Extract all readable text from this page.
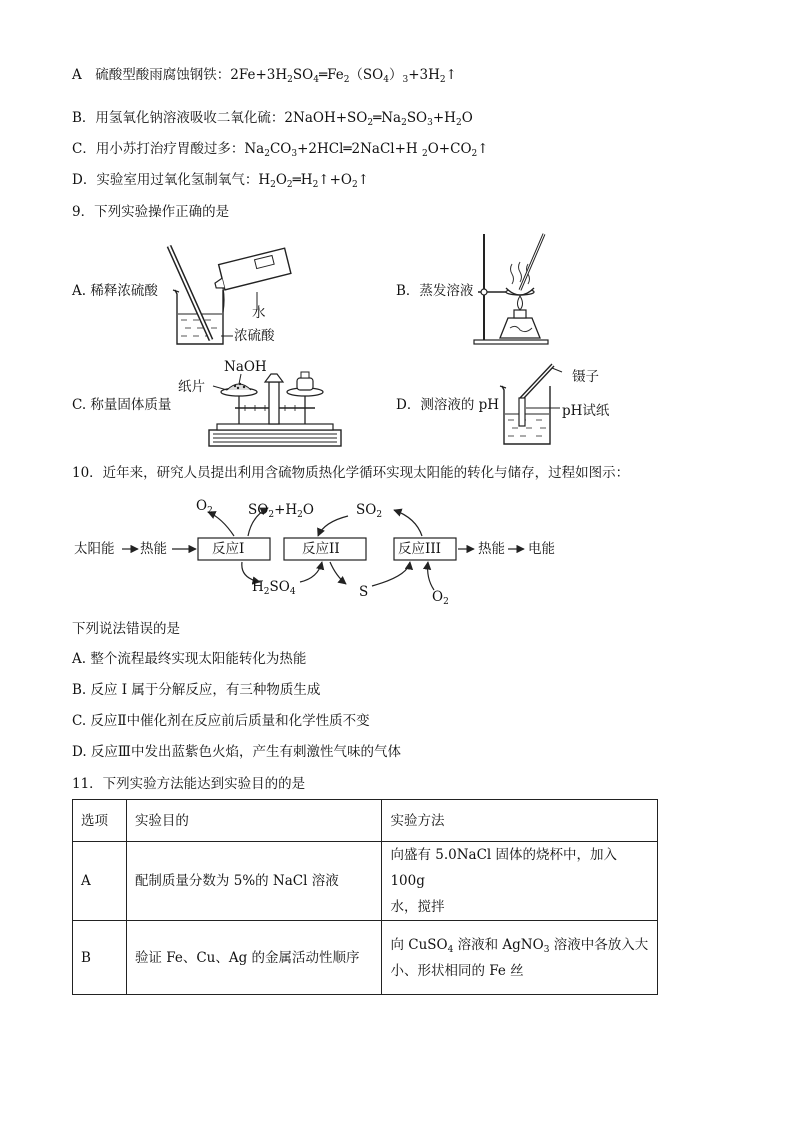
A　硫酸型酸雨腐蚀钢铁：$2Fe+3H_2SO_4═Fe_2(SO_4)_3+3H_2↑$
B．用氢氧化钠溶液吸收二氧化硫：$2NaOH+SO_2═Na_2SO_3+H_2O$
C．用小苏打治疗胃酸过多：$Na_2CO_3+2HCl═2NaCl+H$ $_2O+CO_2↑$
D．实验室用过氧化氢制氧气：$H_2O_2═H_2↑+O_2↑$
9．下列实验操作正确的是
A. 稀释浓硫酸
水
浓硫酸
B．蒸发溶液
C. 称量固体质量
NaOH
纸片
D．测溶液的 pH
镊子
pH试纸
10．近年来，研究人员提出利用含硫物质热化学循环实现太阳能的转化与储存，过程如图示：
太阳能 热能	反应I	反应II	反应III	热能 电能
$O_2$	$SO_2+H_2O$	$SO_2$
$H_2SO_4$	S	$O_2$
下列说法错误的是
A. 整个流程最终实现太阳能转化为热能
B. 反应 I 属于分解反应，有三种物质生成
C. 反应Ⅱ中催化剂在反应前后质量和化学性质不变
D. 反应Ⅲ中发出蓝紫色火焰，产生有刺激性气味的气体
11．下列实验方法能达到实验目的的是
选项	实验目的	实验方法
A	配制质量分数为 5%的 NaCl 溶液	向盛有 5.0NaCl 固体的烧杯中，加入 100g
水，搅拌

B	验证 Fe、Cu、Ag 的金属活动性顺序	向 CuSO$_4$ 溶液和 AgNO$_3$ 溶液中各放入大
小、形状相同的 Fe 丝
